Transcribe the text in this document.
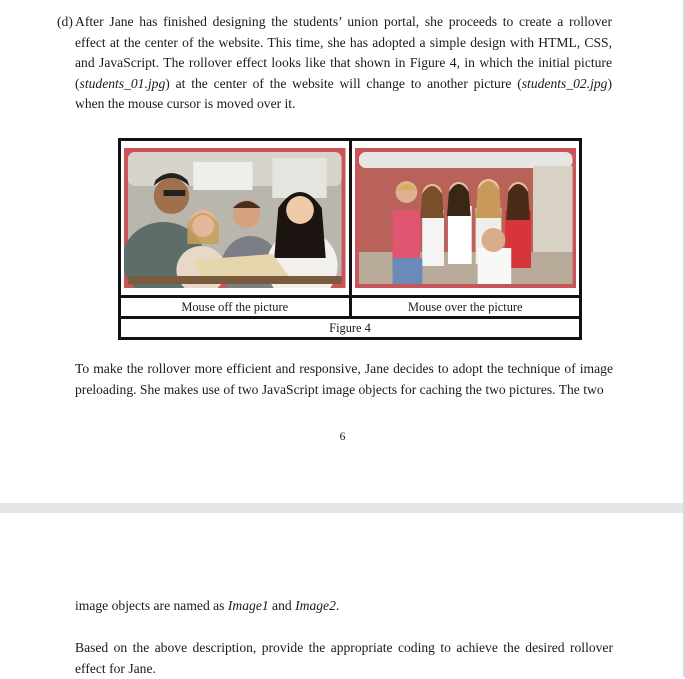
(d) After Jane has finished designing the students’ union portal, she proceeds to create a rollover effect at the center of the website. This time, she has adopted a simple design with HTML, CSS, and JavaScript. The rollover effect looks like that shown in Figure 4, in which the initial picture (students_01.jpg) at the center of the website will change to another picture (students_02.jpg) when the mouse cursor is moved over it.

Mouse off the picture	Mouse over the picture
Figure 4	
To make the rollover more efficient and responsive, Jane decides to adopt the technique of image preloading. She makes use of two JavaScript image objects for caching the two pictures. The two
6
image objects are named as Image1 and Image2.
Based on the above description, provide the appropriate coding to achieve the desired rollover effect for Jane.
